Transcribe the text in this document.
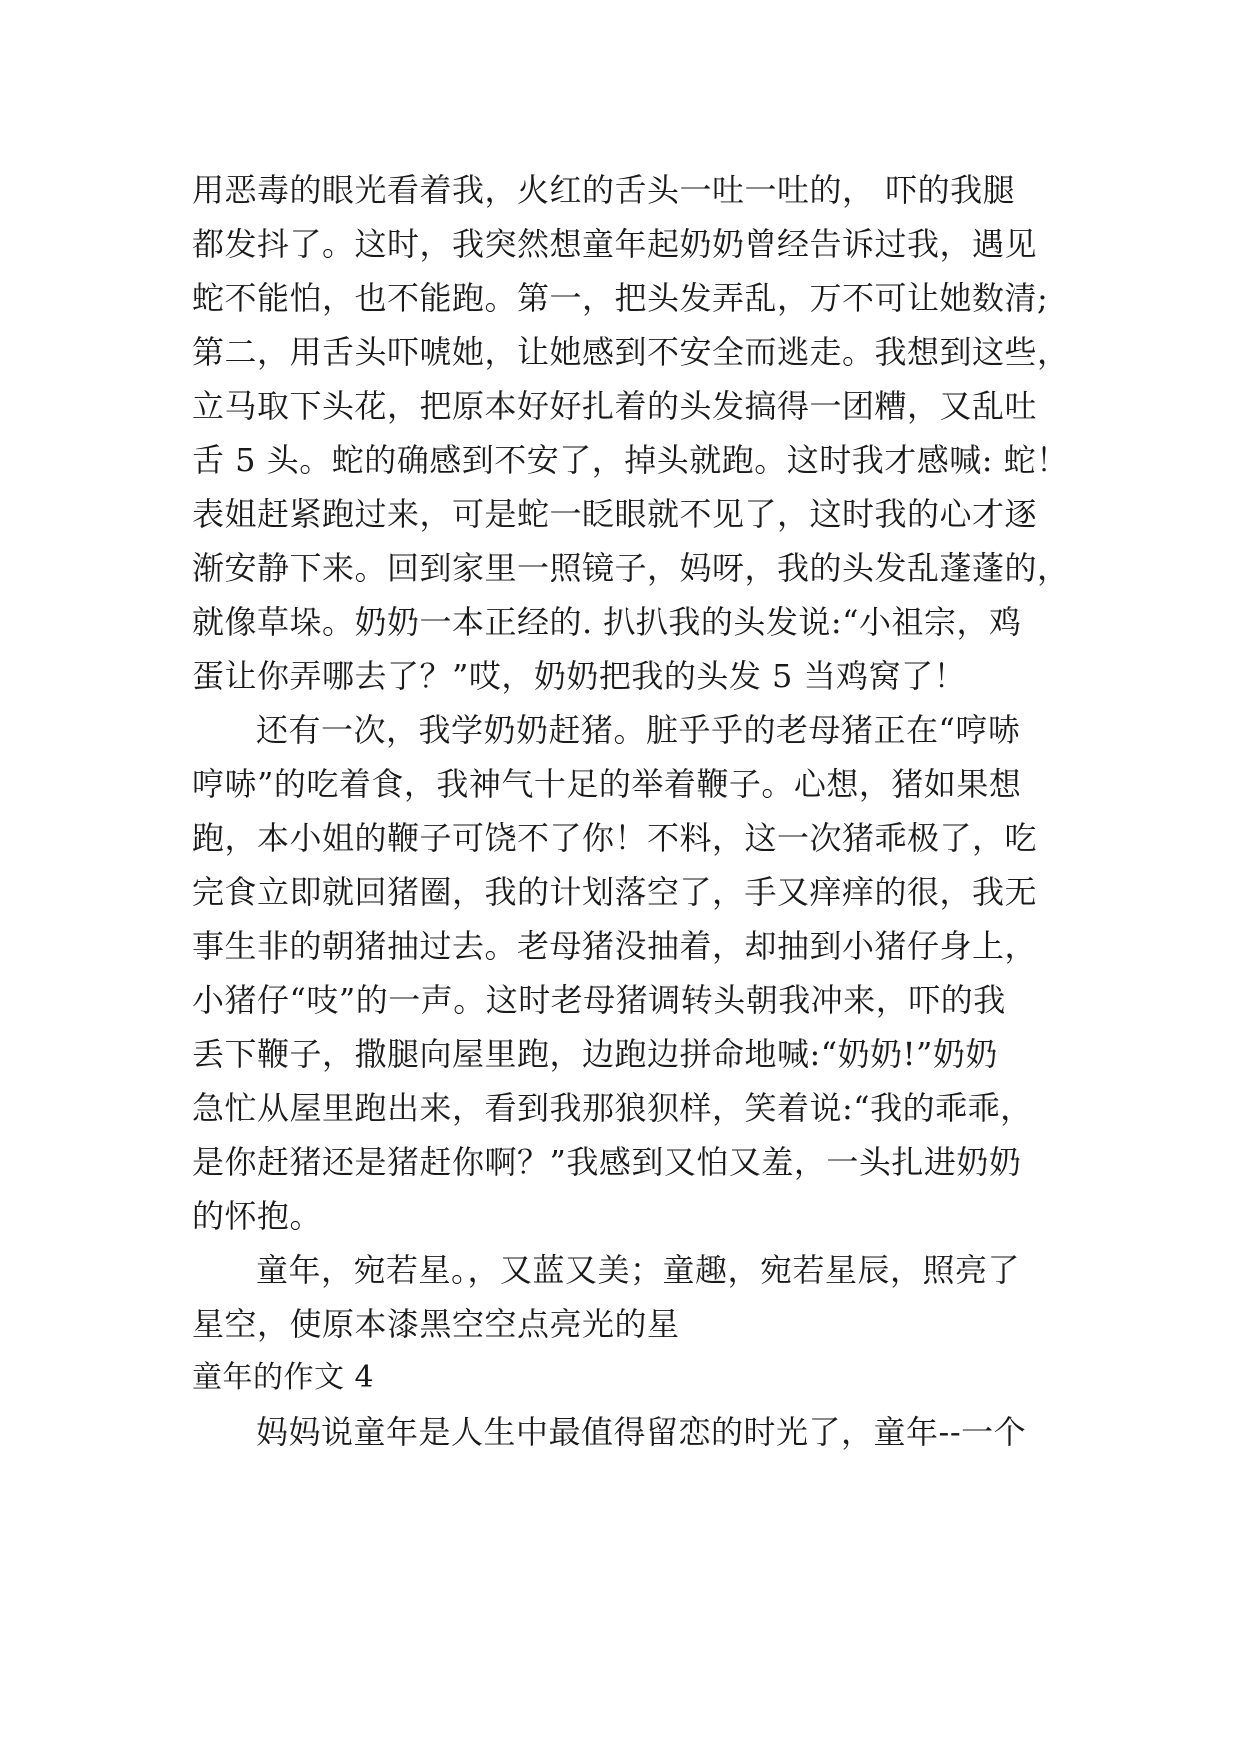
用恶毒的眼光看着我，火红的舌头一吐一吐的， 吓的我腿
都发抖了。这时，我突然想童年起奶奶曾经告诉过我，遇见
蛇不能怕，也不能跑。第一，把头发弄乱，万不可让她数清;
第二，用舌头吓唬她，让她感到不安全而逃走。我想到这些，
立马取下头花，把原本好好扎着的头发搞得一团糟，又乱吐
舌 5 头。蛇的确感到不安了，掉头就跑。这时我才感喊: 蛇！
表姐赶紧跑过来，可是蛇一眨眼就不见了，这时我的心才逐
渐安静下来。回到家里一照镜子，妈呀，我的头发乱蓬蓬的，
就像草垛。奶奶一本正经的. 扒扒我的头发说:“小祖宗，鸡
蛋让你弄哪去了？”哎，奶奶把我的头发 5 当鸡窝了！
还有一次，我学奶奶赶猪。脏乎乎的老母猪正在“哼哧
哼哧”的吃着食，我神气十足的举着鞭子。心想，猪如果想
跑，本小姐的鞭子可饶不了你！不料，这一次猪乖极了，吃
完食立即就回猪圈，我的计划落空了，手又痒痒的很，我无
事生非的朝猪抽过去。老母猪没抽着，却抽到小猪仔身上，
小猪仔“吱”的一声。这时老母猪调转头朝我冲来，吓的我
丢下鞭子，撒腿向屋里跑，边跑边拼命地喊:“奶奶!”奶奶
急忙从屋里跑出来，看到我那狼狈样，笑着说:“我的乖乖，
是你赶猪还是猪赶你啊？”我感到又怕又羞，一头扎进奶奶
的怀抱。
童年，宛若星。，又蓝又美；童趣，宛若星辰，照亮了
星空，使原本漆黑空空点亮光的星
童年的作文 4
妈妈说童年是人生中最值得留恋的时光了，童年--一个
